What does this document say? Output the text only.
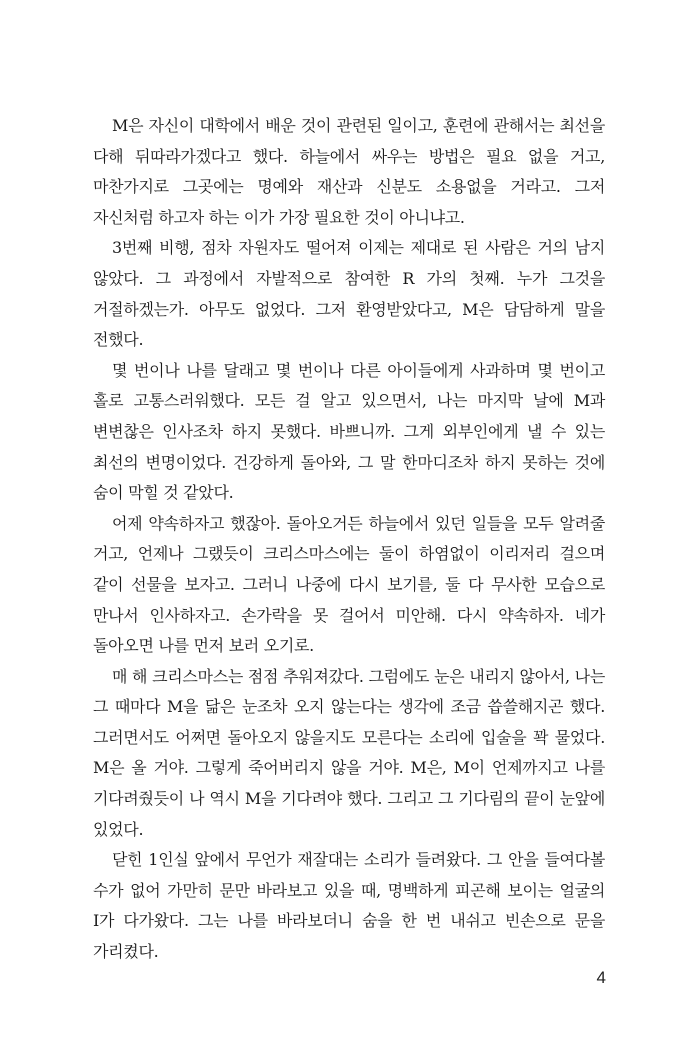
M은 자신이 대학에서 배운 것이 관련된 일이고, 훈련에 관해서는 최선을 다해 뒤따라가겠다고 했다. 하늘에서 싸우는 방법은 필요 없을 거고, 마찬가지로 그곳에는 명예와 재산과 신분도 소용없을 거라고. 그저 자신처럼 하고자 하는 이가 가장 필요한 것이 아니냐고.

3번째 비행, 점차 자원자도 떨어져 이제는 제대로 된 사람은 거의 남지 않았다. 그 과정에서 자발적으로 참여한 R 가의 첫째. 누가 그것을 거절하겠는가. 아무도 없었다. 그저 환영받았다고, M은 담담하게 말을 전했다.

몇 번이나 나를 달래고 몇 번이나 다른 아이들에게 사과하며 몇 번이고 홀로 고통스러워했다. 모든 걸 알고 있으면서, 나는 마지막 날에 M과 변변찮은 인사조차 하지 못했다. 바쁘니까. 그게 외부인에게 낼 수 있는 최선의 변명이었다. 건강하게 돌아와, 그 말 한마디조차 하지 못하는 것에 숨이 막힐 것 같았다.

어제 약속하자고 했잖아. 돌아오거든 하늘에서 있던 일들을 모두 알려줄 거고, 언제나 그랬듯이 크리스마스에는 둘이 하염없이 이리저리 걸으며 같이 선물을 보자고. 그러니 나중에 다시 보기를, 둘 다 무사한 모습으로 만나서 인사하자고. 손가락을 못 걸어서 미안해. 다시 약속하자. 네가 돌아오면 나를 먼저 보러 오기로.

매 해 크리스마스는 점점 추워져갔다. 그럼에도 눈은 내리지 않아서, 나는 그 때마다 M을 닮은 눈조차 오지 않는다는 생각에 조금 씁쓸해지곤 했다. 그러면서도 어쩌면 돌아오지 않을지도 모른다는 소리에 입술을 꽉 물었다. M은 올 거야. 그렇게 죽어버리지 않을 거야. M은, M이 언제까지고 나를 기다려줬듯이 나 역시 M을 기다려야 했다. 그리고 그 기다림의 끝이 눈앞에 있었다.

닫힌 1인실 앞에서 무언가 재잘대는 소리가 들려왔다. 그 안을 들여다볼 수가 없어 가만히 문만 바라보고 있을 때, 명백하게 피곤해 보이는 얼굴의 I가 다가왔다. 그는 나를 바라보더니 숨을 한 번 내쉬고 빈손으로 문을 가리켰다.

4
